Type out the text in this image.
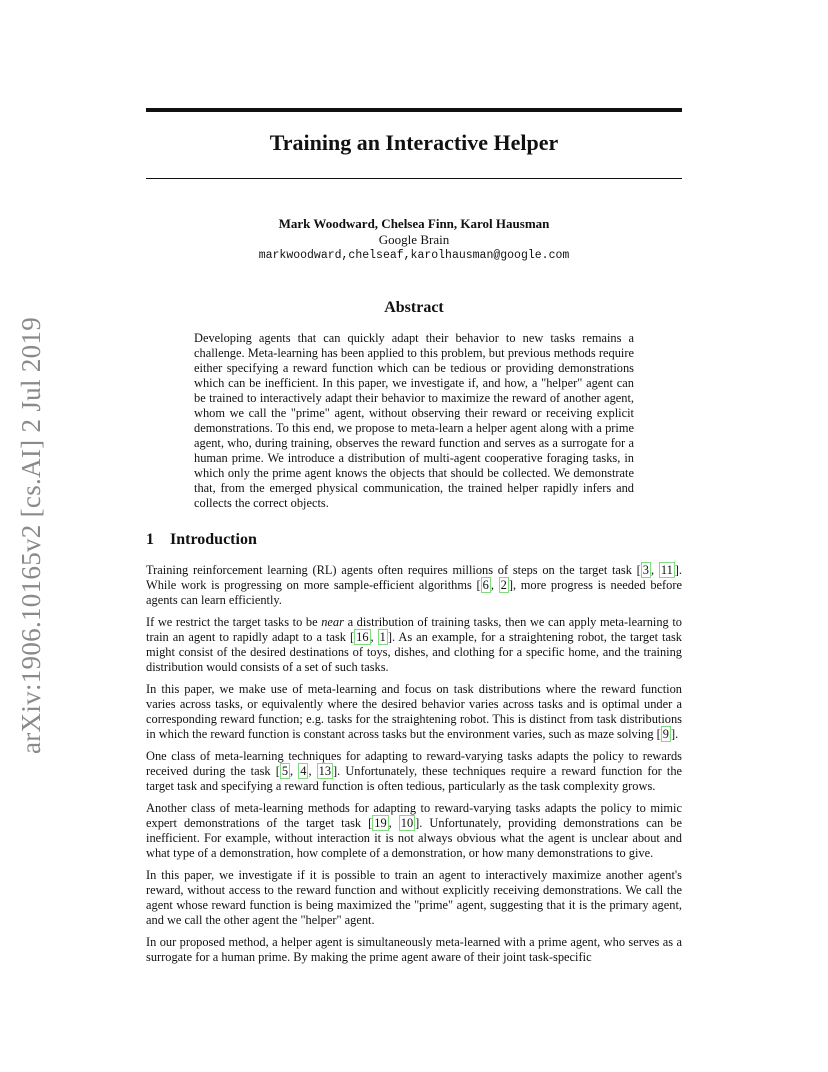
arXiv:1906.10165v2 [cs.AI] 2 Jul 2019
Training an Interactive Helper
Mark Woodward, Chelsea Finn, Karol Hausman
Google Brain
markwoodward,chelseaf,karolhausman@google.com
Abstract

Developing agents that can quickly adapt their behavior to new tasks remains a challenge. Meta-learning has been applied to this problem, but previous methods require either specifying a reward function which can be tedious or providing demonstrations which can be inefficient. In this paper, we investigate if, and how, a "helper" agent can be trained to interactively adapt their behavior to maximize the reward of another agent, whom we call the "prime" agent, without observing their reward or receiving explicit demonstrations. To this end, we propose to meta-learn a helper agent along with a prime agent, who, during training, observes the reward function and serves as a surrogate for a human prime. We introduce a distribution of multi-agent cooperative foraging tasks, in which only the prime agent knows the objects that should be collected. We demonstrate that, from the emerged physical communication, the trained helper rapidly infers and collects the correct objects.

1 Introduction

Training reinforcement learning (RL) agents often requires millions of steps on the target task [ 3 , 11 ]. While work is progressing on more sample-efficient algorithms [ 6 , 2 ], more progress is needed before agents can learn efficiently.

If we restrict the target tasks to be near a distribution of training tasks, then we can apply meta-learning to train an agent to rapidly adapt to a task [ 16 , 1 ]. As an example, for a straightening robot, the target task might consist of the desired destinations of toys, dishes, and clothing for a specific home, and the training distribution would consists of a set of such tasks.

In this paper, we make use of meta-learning and focus on task distributions where the reward function varies across tasks, or equivalently where the desired behavior varies across tasks and is optimal under a corresponding reward function; e.g. tasks for the straightening robot. This is distinct from task distributions in which the reward function is constant across tasks but the environment varies, such as maze solving [ 9 ].

One class of meta-learning techniques for adapting to reward-varying tasks adapts the policy to rewards received during the task [ 5 , 4 , 13 ]. Unfortunately, these techniques require a reward function for the target task and specifying a reward function is often tedious, particularly as the task complexity grows.

Another class of meta-learning methods for adapting to reward-varying tasks adapts the policy to mimic expert demonstrations of the target task [ 19 , 10 ]. Unfortunately, providing demonstrations can be inefficient. For example, without interaction it is not always obvious what the agent is unclear about and what type of a demonstration, how complete of a demonstration, or how many demonstrations to give.

In this paper, we investigate if it is possible to train an agent to interactively maximize another agent's reward, without access to the reward function and without explicitly receiving demonstrations. We call the agent whose reward function is being maximized the "prime" agent, suggesting that it is the primary agent, and we call the other agent the "helper" agent.

In our proposed method, a helper agent is simultaneously meta-learned with a prime agent, who serves as a surrogate for a human prime. By making the prime agent aware of their joint task-specific
